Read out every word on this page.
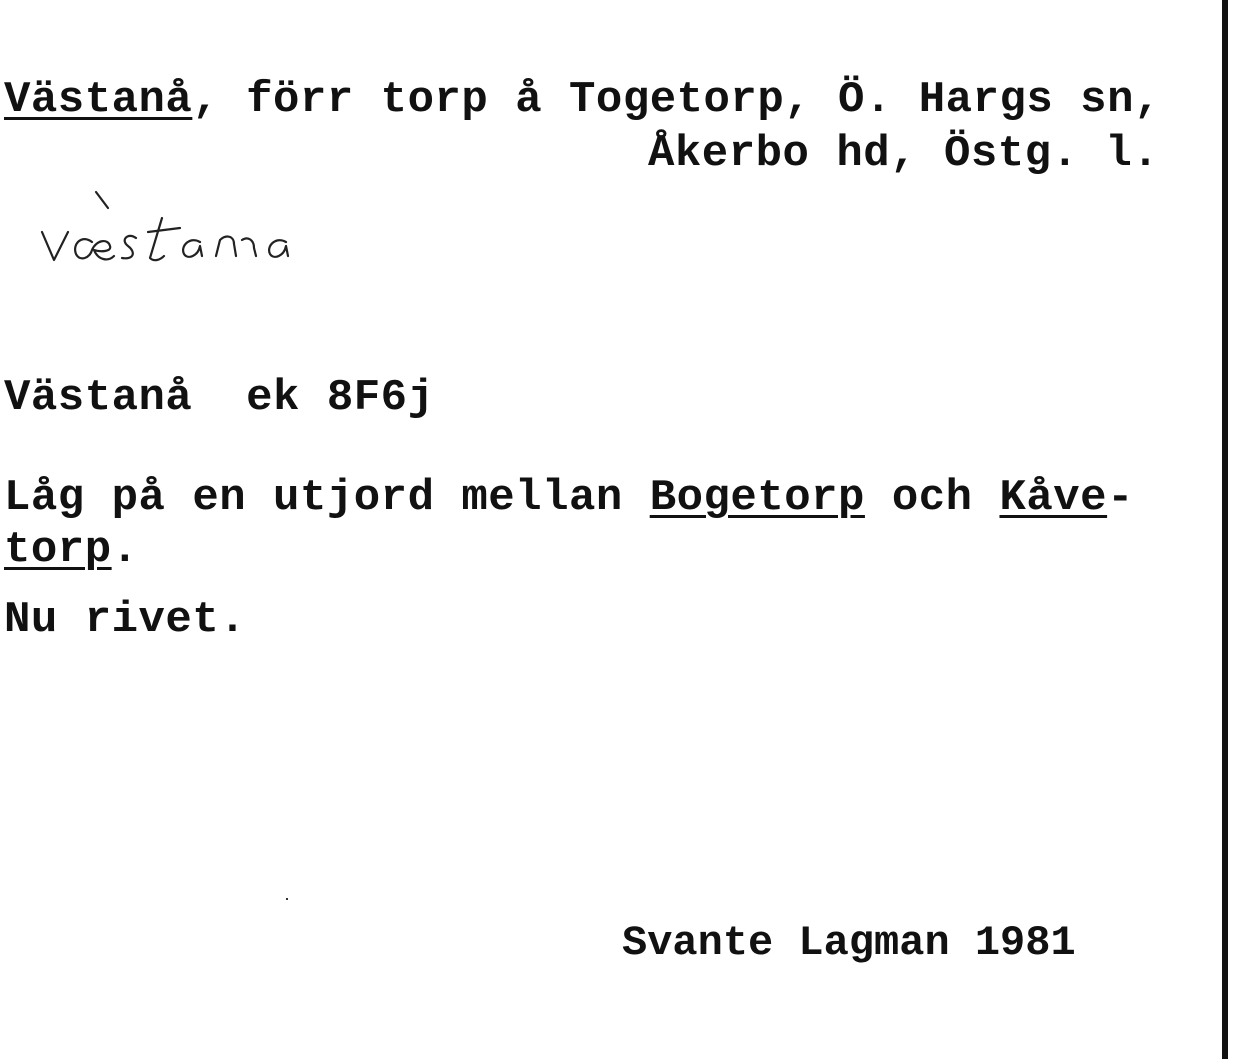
Västanå, förr torp å Togetorp, Ö. Hargs sn,
Åkerbo hd, Östg. l.
Västanå  ek 8F6j
Låg på en utjord mellan Bogetorp och Kåve-
torp.
Nu rivet.
Svante Lagman 1981
